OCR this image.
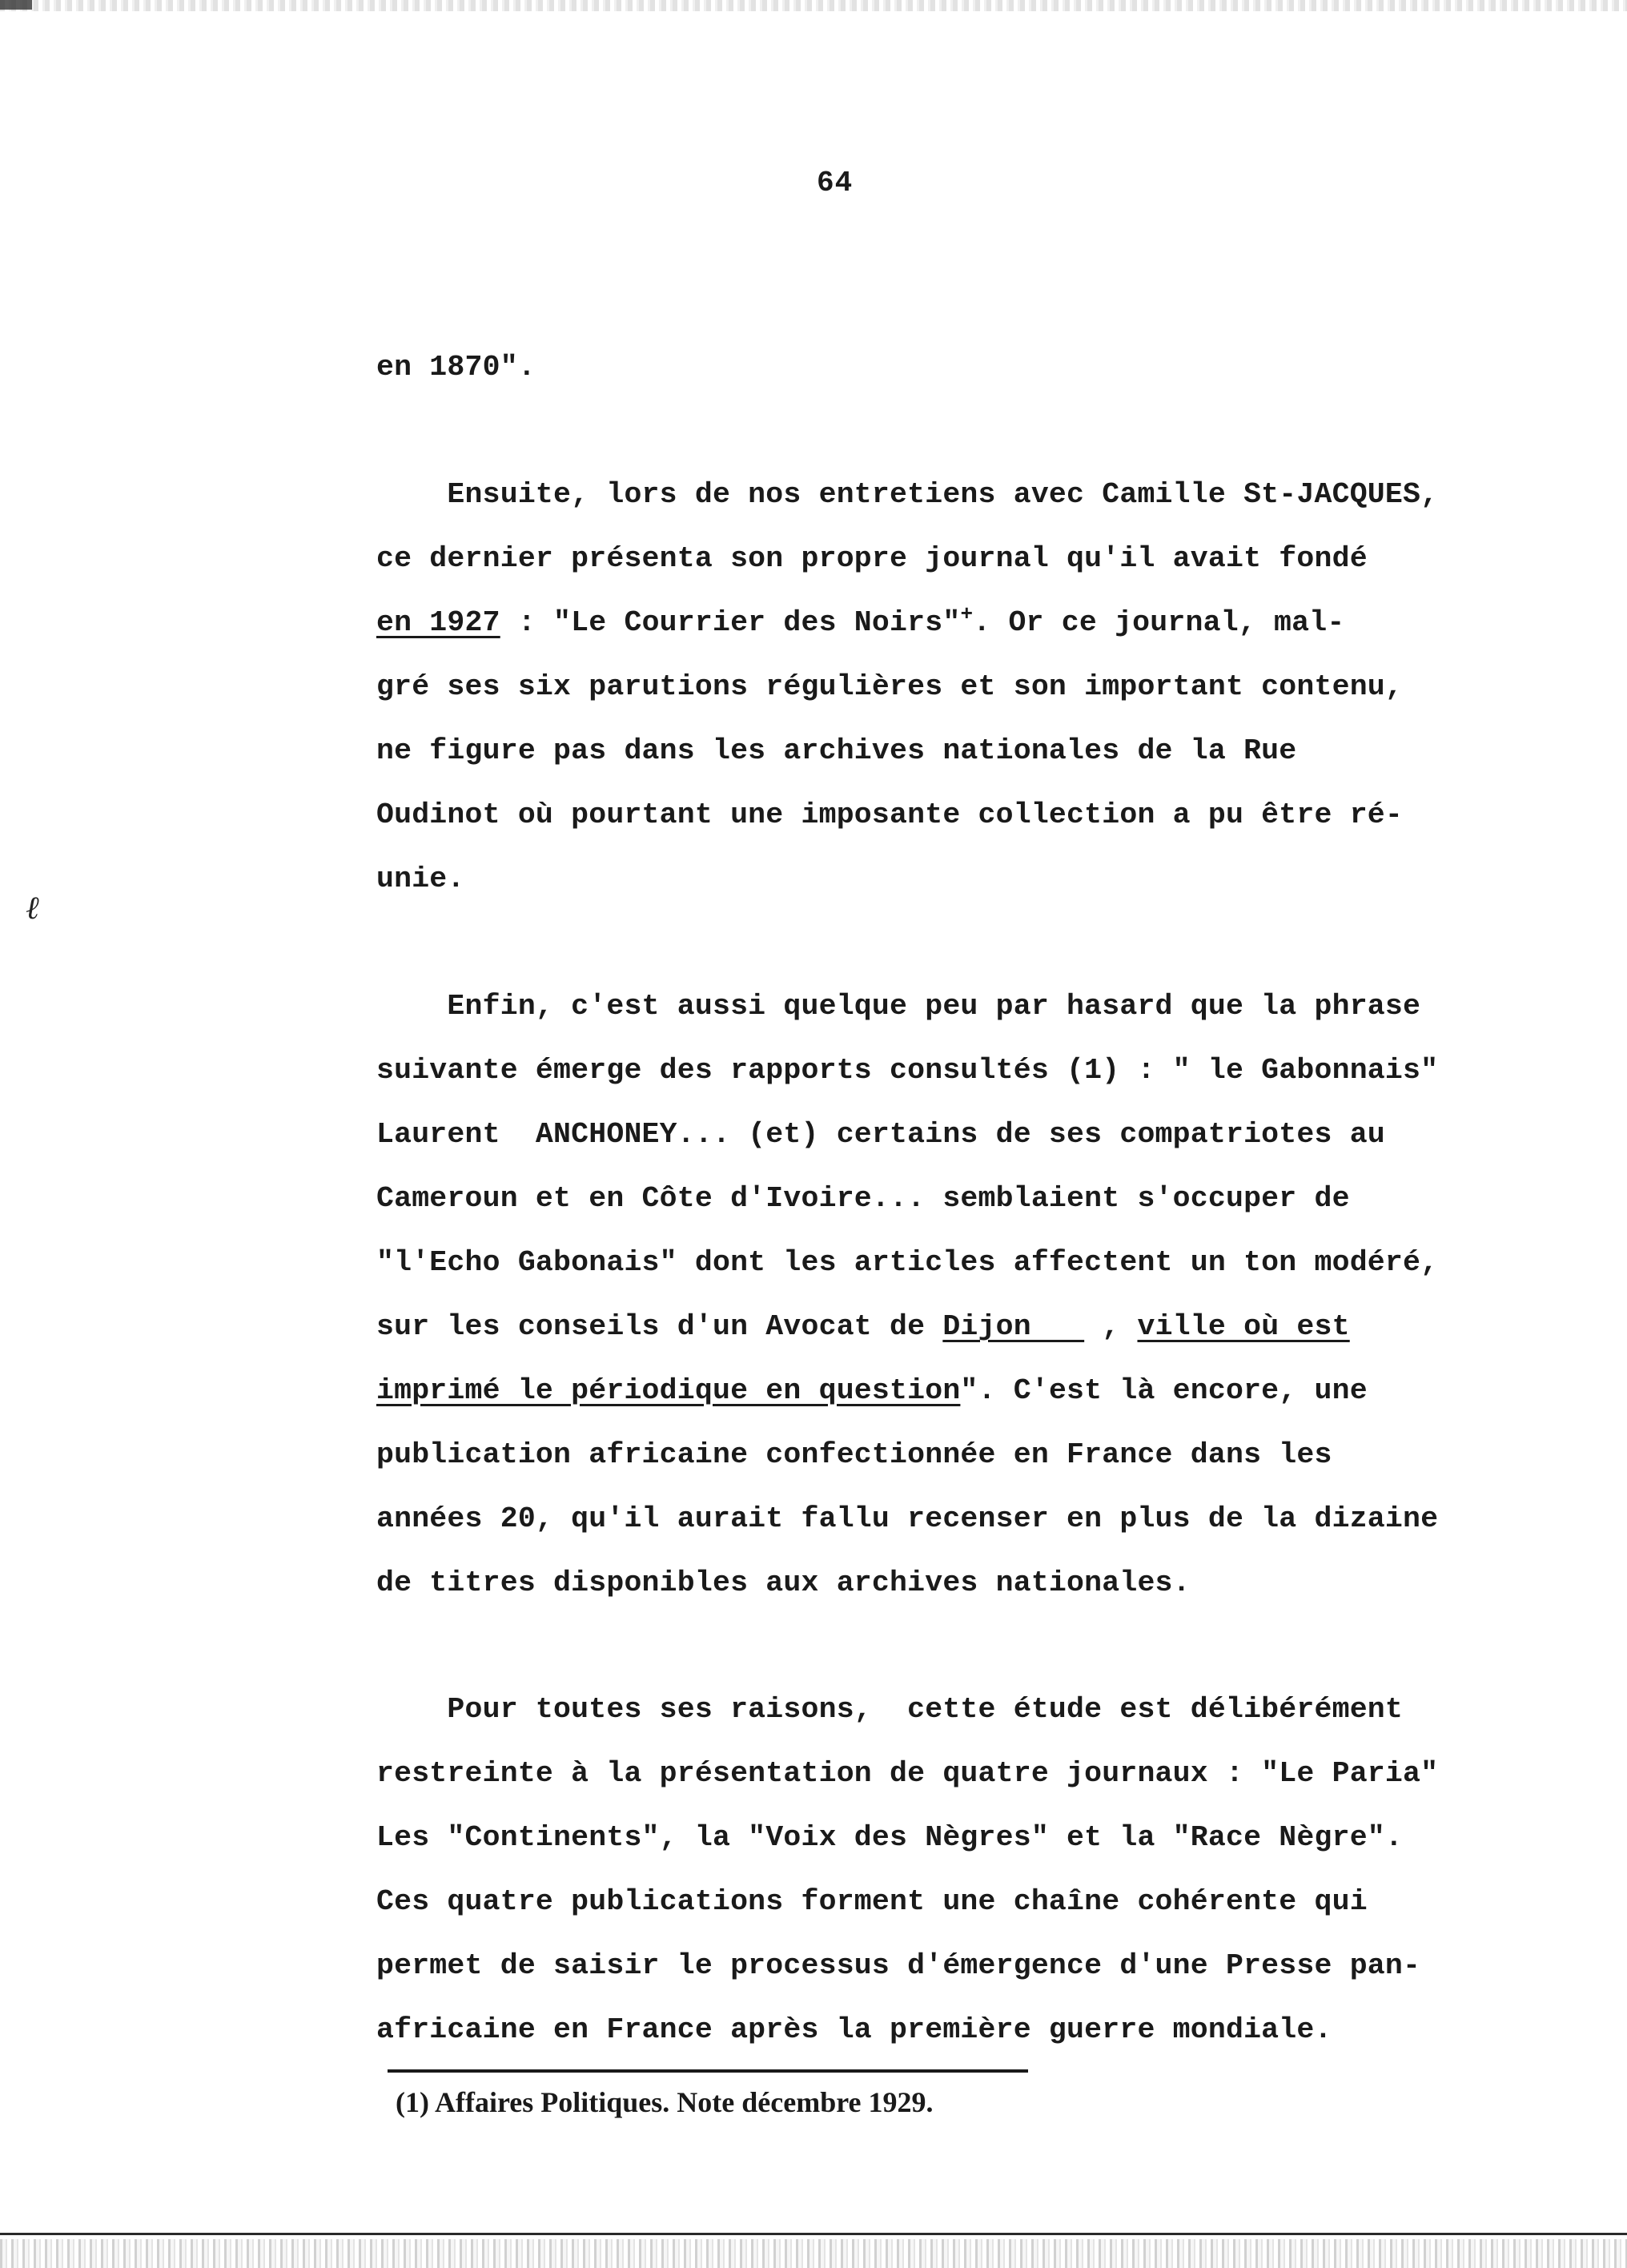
ℓ
64
en 1870".
Ensuite, lors de nos entretiens avec Camille St-JACQUES,
ce dernier présenta son propre journal qu'il avait fondé
en 1927 : "Le Courrier des Noirs"+. Or ce journal, mal-
gré ses six parutions régulières et son important contenu,
ne figure pas dans les archives nationales de la Rue
Oudinot où pourtant une imposante collection a pu être ré-
unie.
Enfin, c'est aussi quelque peu par hasard que la phrase
suivante émerge des rapports consultés (1) : " le Gabonnais"
Laurent  ANCHONEY... (et) certains de ses compatriotes au
Cameroun et en Côte d'Ivoire... semblaient s'occuper de
"l'Echo Gabonais" dont les articles affectent un ton modéré,
sur les conseils d'un Avocat de Dijon    , ville où est
imprimé le périodique en question". C'est là encore, une
publication africaine confectionnée en France dans les
années 20, qu'il aurait fallu recenser en plus de la dizaine
de titres disponibles aux archives nationales.
Pour toutes ses raisons,  cette étude est délibérément
restreinte à la présentation de quatre journaux : "Le Paria"
Les "Continents", la "Voix des Nègres" et la "Race Nègre".
Ces quatre publications forment une chaîne cohérente qui
permet de saisir le processus d'émergence d'une Presse pan-
africaine en France après la première guerre mondiale.
(1) Affaires Politiques. Note décembre 1929.
